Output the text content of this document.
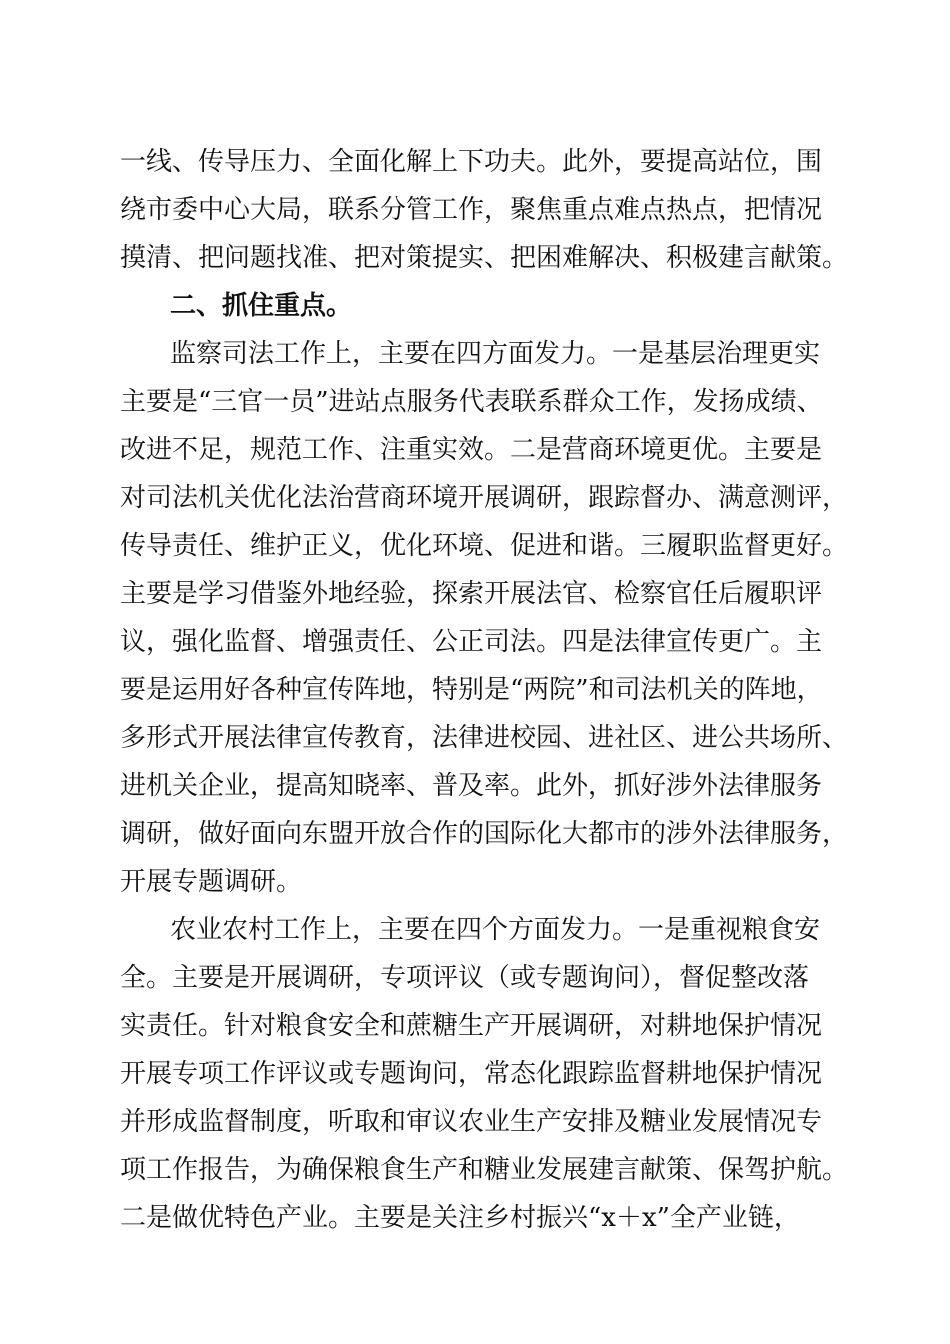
一线、传导压力、全面化解上下功夫。此外，要提高站位，围
绕市委中心大局，联系分管工作，聚焦重点难点热点，把情况
摸清、把问题找准、把对策提实、把困难解决、积极建言献策。
二、抓住重点。
监察司法工作上，主要在四方面发力。一是基层治理更实
主要是“三官一员”进站点服务代表联系群众工作，发扬成绩、
改进不足，规范工作、注重实效。二是营商环境更优。主要是
对司法机关优化法治营商环境开展调研，跟踪督办、满意测评，
传导责任、维护正义，优化环境、促进和谐。三履职监督更好。
主要是学习借鉴外地经验，探索开展法官、检察官任后履职评
议，强化监督、增强责任、公正司法。四是法律宣传更广。主
要是运用好各种宣传阵地，特别是“两院”和司法机关的阵地，
多形式开展法律宣传教育，法律进校园、进社区、进公共场所、
进机关企业，提高知晓率、普及率。此外，抓好涉外法律服务
调研，做好面向东盟开放合作的国际化大都市的涉外法律服务，
开展专题调研。
农业农村工作上，主要在四个方面发力。一是重视粮食安
全。主要是开展调研，专项评议（或专题询问），督促整改落
实责任。针对粮食安全和蔗糖生产开展调研，对耕地保护情况
开展专项工作评议或专题询问，常态化跟踪监督耕地保护情况
并形成监督制度，听取和审议农业生产安排及糖业发展情况专
项工作报告，为确保粮食生产和糖业发展建言献策、保驾护航。
二是做优特色产业。主要是关注乡村振兴“x＋x”全产业链，
